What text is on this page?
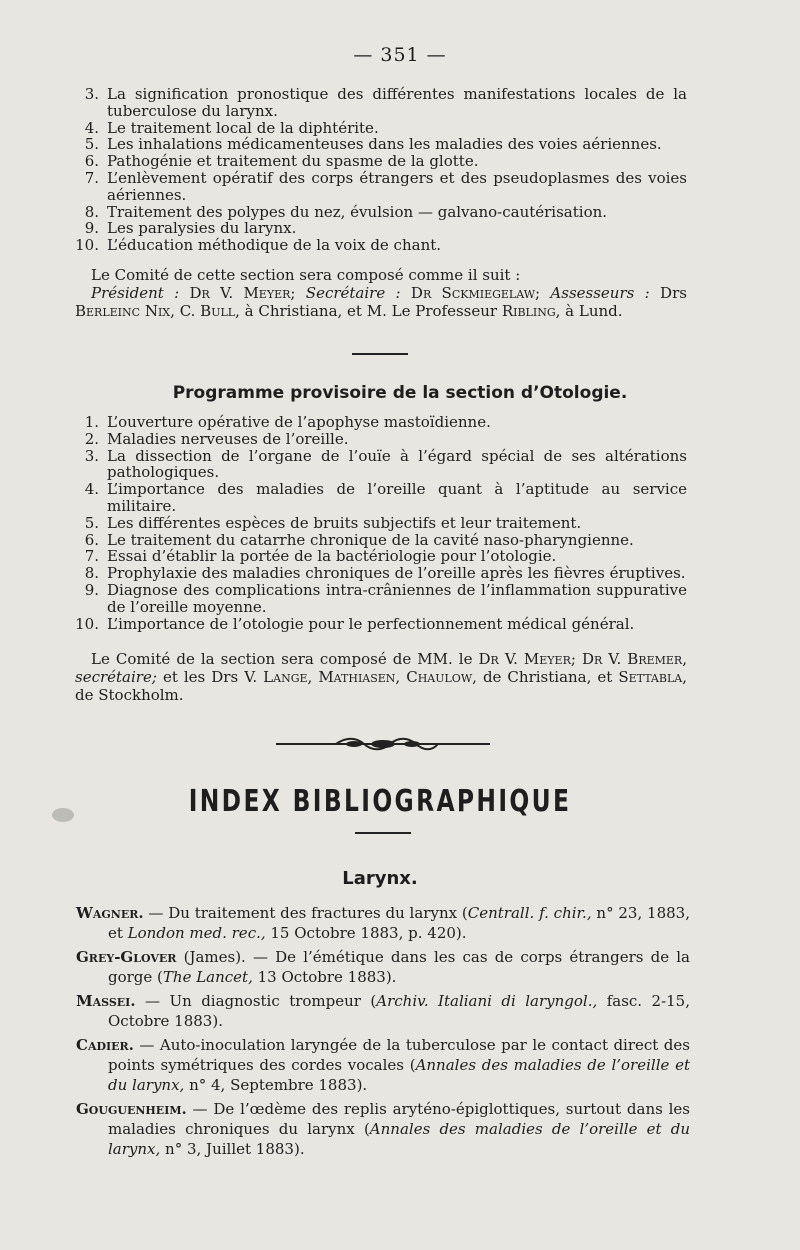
— 351 —
3. La signification pronostique des différentes manifestations locales de la tuberculose du larynx.
4. Le traitement local de la diphtérite.
5. Les inhalations médicamenteuses dans les maladies des voies aériennes.
6. Pathogénie et traitement du spasme de la glotte.
7. L’enlèvement opératif des corps étrangers et des pseudoplasmes des voies aériennes.
8. Traitement des polypes du nez, évulsion — galvano-cautérisation.
9. Les paralysies du larynx.
10. L’éducation méthodique de la voix de chant.
Le Comité de cette section sera composé comme il suit :
Président : Dr V. Meyer; Secrétaire : Dr Sckmiegelaw; Assesseurs : Drs Berleinc Nix, C. Bull, à Christiana, et M. Le Professeur Ribling, à Lund.
Programme provisoire de la section d’Otologie.
1. L’ouverture opérative de l’apophyse mastoïdienne.
2. Maladies nerveuses de l’oreille.
3. La dissection de l’organe de l’ouïe à l’égard spécial de ses altérations pathologiques.
4. L’importance des maladies de l’oreille quant à l’aptitude au service militaire.
5. Les différentes espèces de bruits subjectifs et leur traitement.
6. Le traitement du catarrhe chronique de la cavité naso-pharyngienne.
7. Essai d’établir la portée de la bactériologie pour l’otologie.
8. Prophylaxie des maladies chroniques de l’oreille après les fièvres éruptives.
9. Diagnose des complications intra-crâniennes de l’inflammation suppurative de l’oreille moyenne.
10. L’importance de l’otologie pour le perfectionnement médical général.
Le Comité de la section sera composé de MM. le Dr V. Meyer; Dr V. Bremer, secrétaire; et les Drs V. Lange, Mathiasen, Chaulow, de Christiana, et Settabla, de Stockholm.
INDEX BIBLIOGRAPHIQUE
Larynx.
Wagner. — Du traitement des fractures du larynx (Centrall. f. chir., n° 23, 1883, et London med. rec., 15 Octobre 1883, p. 420).
Grey-Glover (James). — De l’émétique dans les cas de corps étrangers de la gorge (The Lancet, 13 Octobre 1883).
Massei. — Un diagnostic trompeur (Archiv. Italiani di laryngol., fasc. 2-15, Octobre 1883).
Cadier. — Auto-inoculation laryngée de la tuberculose par le contact direct des points symétriques des cordes vocales (Annales des maladies de l’oreille et du larynx, n° 4, Septembre 1883).
Gouguenheim. — De l’œdème des replis aryténo-épiglottiques, surtout dans les maladies chroniques du larynx (Annales des maladies de l’oreille et du larynx, n° 3, Juillet 1883).
